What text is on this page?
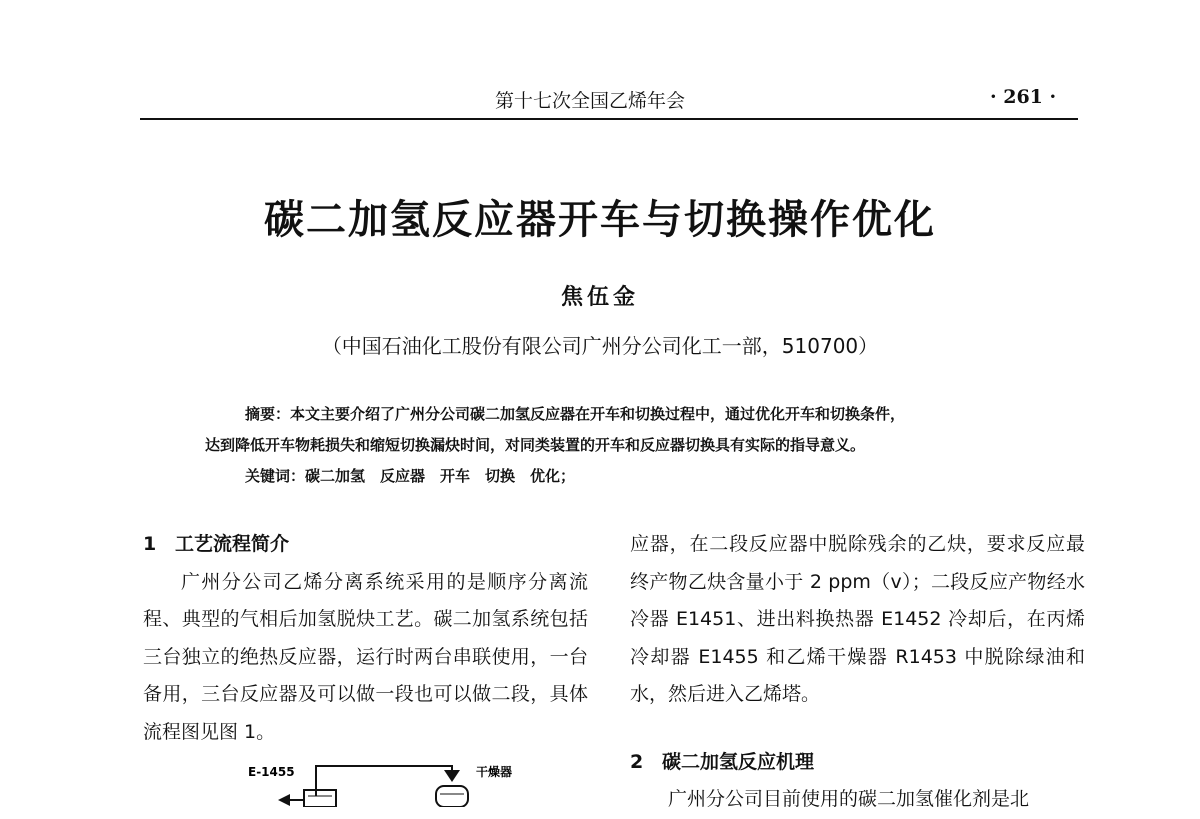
第十七次全国乙烯年会	· 261 ·
碳二加氢反应器开车与切换操作优化
焦伍金
（中国石油化工股份有限公司广州分公司化工一部，510700）
摘要：本文主要介绍了广州分公司碳二加氢反应器在开车和切换过程中，通过优化开车和切换条件，
达到降低开车物耗损失和缩短切换漏炔时间，对同类装置的开车和反应器切换具有实际的指导意义。
关键词：碳二加氢　反应器　开车　切换　优化；
1 工艺流程简介
广州分公司乙烯分离系统采用的是顺序分离流程、典型的气相后加氢脱炔工艺。碳二加氢系统包括三台独立的绝热反应器，运行时两台串联使用，一台备用，三台反应器及可以做一段也可以做二段，具体流程图见图 1。
应器，在二段反应器中脱除残余的乙炔，要求反应最终产物乙炔含量小于 2 ppm（v）；二段反应产物经水冷器 E1451、进出料换热器 E1452 冷却后，在丙烯冷却器 E1455 和乙烯干燥器 R1453 中脱除绿油和水，然后进入乙烯塔。
2 碳二加氢反应机理
广州分公司目前使用的碳二加氢催化剂是北
E-1455	干燥器
